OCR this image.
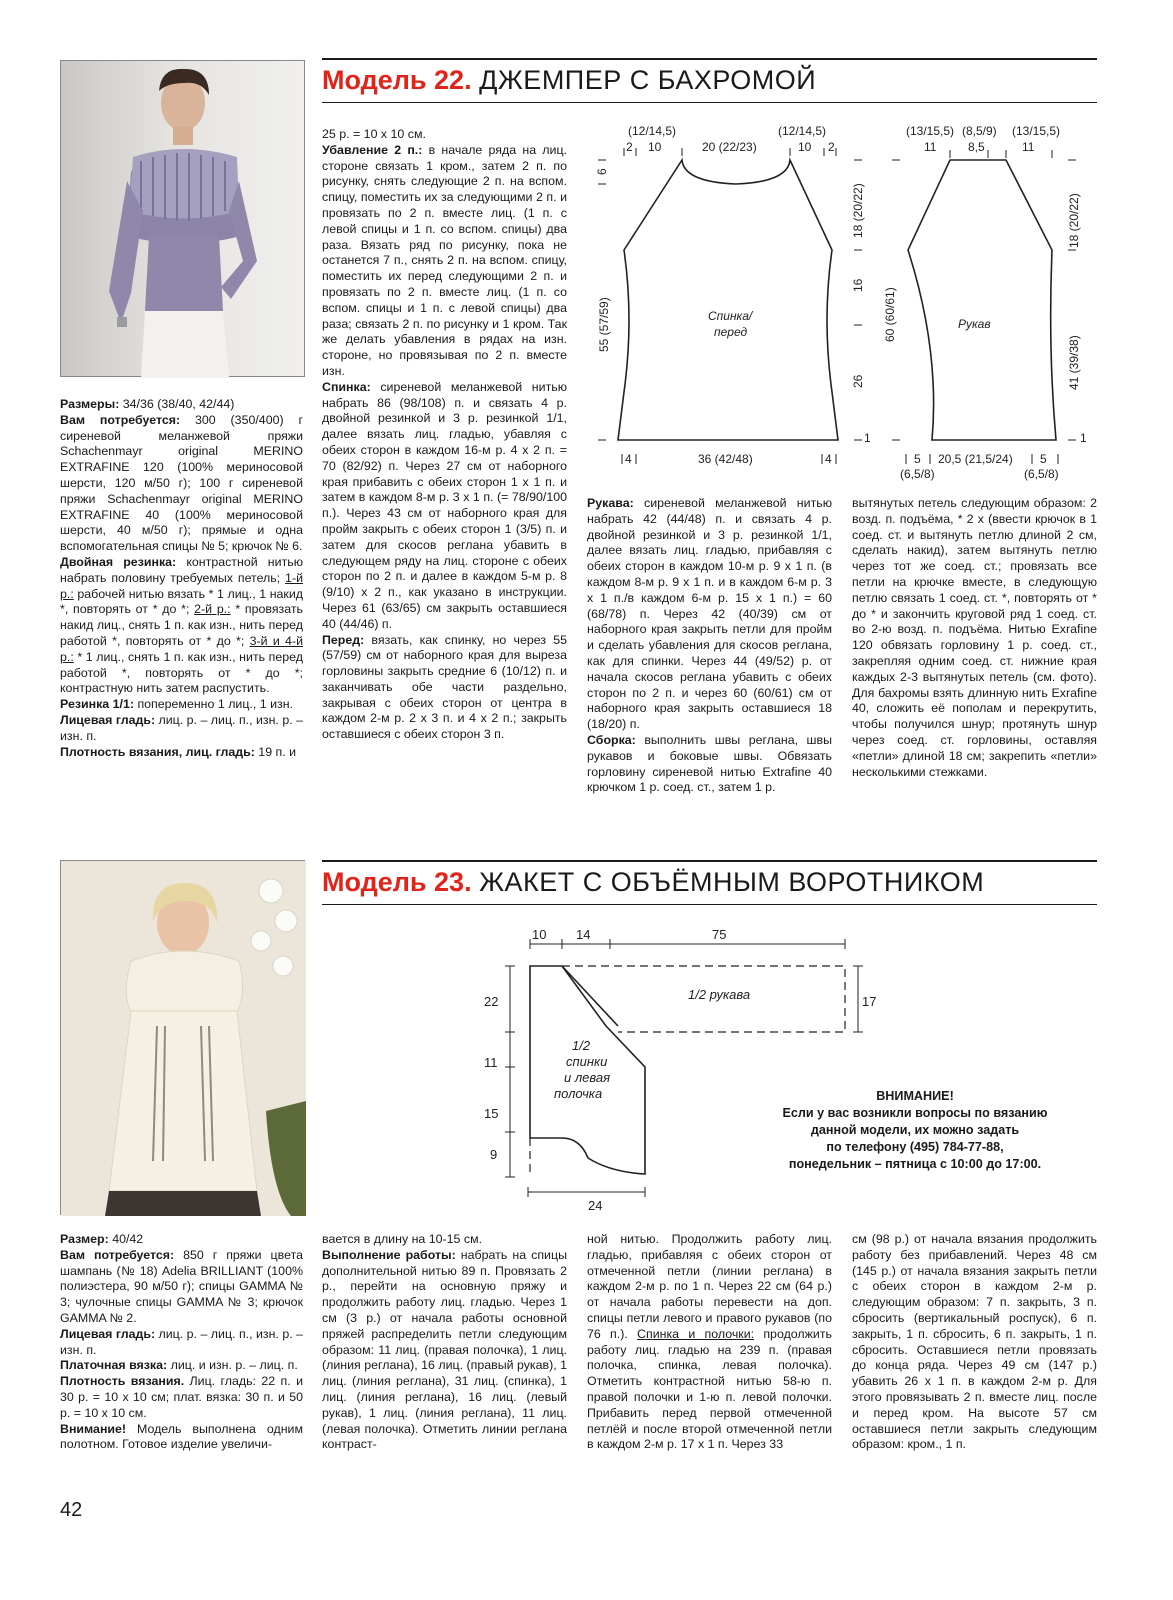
Модель 22. ДЖЕМПЕР С БАХРОМОЙ

Размеры: 34/36 (38/40, 42/44)

Вам потребуется: 300 (350/400) г сиреневой меланжевой пряжи Schachenmayr original MERINO EXTRAFINE 120 (100% мериносовой шерсти, 120 м/50 г); 100 г сиреневой пряжи Schachenmayr original MERINO EXTRAFINE 40 (100% мериносовой шерсти, 40 м/50 г); прямые и одна вспомогательная спицы № 5; крючок № 6.

Двойная резинка: контрастной нитью набрать половину требуемых петель; 1-й р.: рабочей нитью вязать * 1 лиц., 1 накид *, повторять от * до *; 2-й р.: * провязать накид лиц., снять 1 п. как изн., нить перед работой *, повторять от * до *; 3-й и 4-й р.: * 1 лиц., снять 1 п. как изн., нить перед работой *, повторять от * до *; контрастную нить затем распустить.

Резинка 1/1: попеременно 1 лиц., 1 изн.

Лицевая гладь: лиц. р. – лиц. п., изн. р. – изн. п.

Плотность вязания, лиц. гладь: 19 п. и

25 р. = 10 х 10 см.

Убавление 2 п.: в начале ряда на лиц. стороне связать 1 кром., затем 2 п. по рисунку, снять следующие 2 п. на вспом. спицу, поместить их за следующими 2 п. и провязать по 2 п. вместе лиц. (1 п. с левой спицы и 1 п. со вспом. спицы) два раза. Вязать ряд по рисунку, пока не останется 7 п., снять 2 п. на вспом. спицу, поместить их перед следующими 2 п. и провязать по 2 п. вместе лиц. (1 п. со вспом. спицы и 1 п. с левой спицы) два раза; связать 2 п. по рисунку и 1 кром. Так же делать убавления в рядах на изн. стороне, но провязывая по 2 п. вместе изн.

Спинка: сиреневой меланжевой нитью набрать 86 (98/108) п. и связать 4 р. двойной резинкой и 3 р. резинкой 1/1, далее вязать лиц. гладью, убавляя с обеих сторон в каждом 16-м р. 4 х 2 п. = 70 (82/92) п. Через 27 см от наборного края прибавить с обеих сторон 1 х 1 п. и затем в каждом 8-м р. 3 х 1 п. (= 78/90/100 п.). Через 43 см от наборного края для пройм закрыть с обеих сторон 1 (3/5) п. и затем для скосов реглана убавить в следующем ряду на лиц. стороне с обеих сторон по 2 п. и далее в каждом 5-м р. 8 (9/10) х 2 п., как указано в инструкции. Через 61 (63/65) см закрыть оставшиеся 40 (44/46) п.

Перед: вязать, как спинку, но через 55 (57/59) см от наборного края для выреза горловины закрыть средние 6 (10/12) п. и заканчивать обе части раздельно, закрывая с обеих сторон от центра в каждом 2-м р. 2 х 3 п. и 4 х 2 п.; закрыть оставшиеся с обеих сторон 3 п.

Рукава: сиреневой меланжевой нитью набрать 42 (44/48) п. и связать 4 р. двойной резинкой и 3 р. резинкой 1/1, далее вязать лиц. гладью, прибавляя с обеих сторон в каждом 10-м р. 9 х 1 п. (в каждом 8-м р. 9 х 1 п. и в каждом 6-м р. 3 х 1 п./в каждом 6-м р. 15 х 1 п.) = 60 (68/78) п. Через 42 (40/39) см от наборного края закрыть петли для пройм и сделать убавления для скосов реглана, как для спинки. Через 44 (49/52) р. от начала скосов реглана убавить с обеих сторон по 2 п. и через 60 (60/61) см от наборного края закрыть оставшиеся 18 (18/20) п.

Сборка: выполнить швы реглана, швы рукавов и боковые швы. Обвязать горловину сиреневой нитью Extrafine 40 крючком 1 р. соед. ст., затем 1 р.

вытянутых петель следующим образом: 2 возд. п. подъёма, * 2 х (ввести крючок в 1 соед. ст. и вытянуть петлю длиной 2 см, сделать накид), затем вытянуть петлю через тот же соед. ст.; провязать все петли на крючке вместе, в следующую петлю связать 1 соед. ст. *, повторять от * до * и закончить круговой ряд 1 соед. ст. во 2-ю возд. п. подъёма. Нитью Exrafine 120 обвязать горловину 1 р. соед. ст., закрепляя одним соед. ст. нижние края каждых 2-3 вытянутых петель (см. фото). Для бахромы взять длинную нить Exrafine 40, сложить её пополам и перекрутить, чтобы получился шнур; протянуть шнур через соед. ст. горловины, оставляя «петли» длиной 18 см; закрепить «петли» несколькими стежками.

(12/14,5)
2 10	20 (22/23)
(12/14,5)
10 2
6
55 (57/59)
18 (20/22)
16
26
1
Спинка/
перед
4	36 (42/48)	4
(13/15,5) (8,5/9) (13/15,5)
11	8,5	11
60 (60/61)
18 (20/22)
41 (39/38)
1
Рукав
5 20,5 (21,5/24) 5
(6,5/8)	(6,5/8)
Модель 23. ЖАКЕТ С ОБЪЁМНЫМ ВОРОТНИКОМ
10 14	75
22
11
15
9
17
24
1/2 рукава
1/2
спинки
и левая
полочка	ВНИМАНИЕ!
Если у вас возникли вопросы по вязанию
данной модели, их можно задать
по телефону (495) 784-77-88,
понедельник – пятница с 10:00 до 17:00.

Размер: 40/42

Вам потребуется: 850 г пряжи цвета шампань (№ 18) Adelia BRILLIANT (100% полиэстера, 90 м/50 г); спицы GAMMA № 3; чулочные спицы GAMMA № 3; крючок GAMMA № 2.

Лицевая гладь: лиц. р. – лиц. п., изн. р. – изн. п.

Платочная вязка: лиц. и изн. р. – лиц. п.

Плотность вязания. Лиц. гладь: 22 п. и 30 р. = 10 х 10 см; плат. вязка: 30 п. и 50 р. = 10 х 10 см.

Внимание! Модель выполнена одним полотном. Готовое изделие увеличи-

вается в длину на 10-15 см.

Выполнение работы: набрать на спицы дополнительной нитью 89 п. Провязать 2 р., перейти на основную пряжу и продолжить работу лиц. гладью. Через 1 см (3 р.) от начала работы основной пряжей распределить петли следующим образом: 11 лиц. (правая полочка), 1 лиц. (линия реглана), 16 лиц. (правый рукав), 1 лиц. (линия реглана), 31 лиц. (спинка), 1 лиц. (линия реглана), 16 лиц. (левый рукав), 1 лиц. (линия реглана), 11 лиц. (левая полочка). Отметить линии реглана контраст-

ной нитью. Продолжить работу лиц. гладью, прибавляя с обеих сторон от отмеченной петли (линии реглана) в каждом 2-м р. по 1 п. Через 22 см (64 р.) от начала работы перевести на доп. спицы петли левого и правого рукавов (по 76 п.). Спинка и полочки: продолжить работу лиц. гладью на 239 п. (правая полочка, спинка, левая полочка). Отметить контрастной нитью 58-ю п. правой полочки и 1-ю п. левой полочки. Прибавить перед первой отмеченной петлёй и после второй отмеченной петли в каждом 2-м р. 17 х 1 п. Через 33

см (98 р.) от начала вязания продолжить работу без прибавлений. Через 48 см (145 р.) от начала вязания закрыть петли с обеих сторон в каждом 2-м р. следующим образом: 7 п. закрыть, 3 п. сбросить (вертикальный роспуск), 6 п. закрыть, 1 п. сбросить, 6 п. закрыть, 1 п. сбросить. Оставшиеся петли провязать до конца ряда. Через 49 см (147 р.) убавить 26 х 1 п. в каждом 2-м р. Для этого провязывать 2 п. вместе лиц. после и перед кром. На высоте 57 см оставшиеся петли закрыть следующим образом: кром., 1 п.

42
